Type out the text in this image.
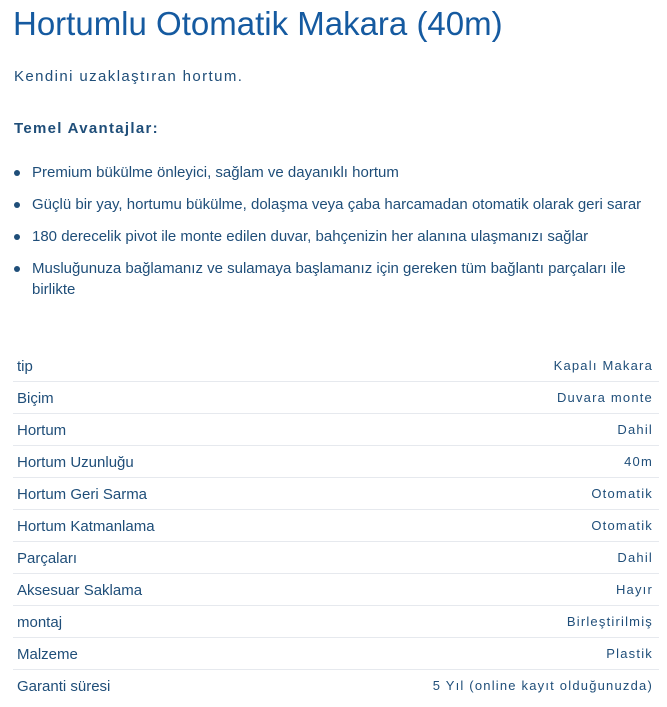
Hortumlu Otomatik Makara (40m)

Kendini uzaklaştıran hortum.

Temel Avantajlar:
Premium bükülme önleyici, sağlam ve dayanıklı hortum
Güçlü bir yay, hortumu bükülme, dolaşma veya çaba harcamadan otomatik olarak geri sarar
180 derecelik pivot ile monte edilen duvar, bahçenizin her alanına ulaşmanızı sağlar
Musluğunuza bağlamanız ve sulamaya başlamanız için gereken tüm bağlantı parçaları ile birlikte
tip	Kapalı Makara
Biçim	Duvara monte
Hortum	Dahil
Hortum Uzunluğu	40m
Hortum Geri Sarma	Otomatik
Hortum Katmanlama	Otomatik
Parçaları	Dahil
Aksesuar Saklama	Hayır
montaj	Birleştirilmiş
Malzeme	Plastik
Garanti süresi	5 Yıl (online kayıt olduğunuzda)
